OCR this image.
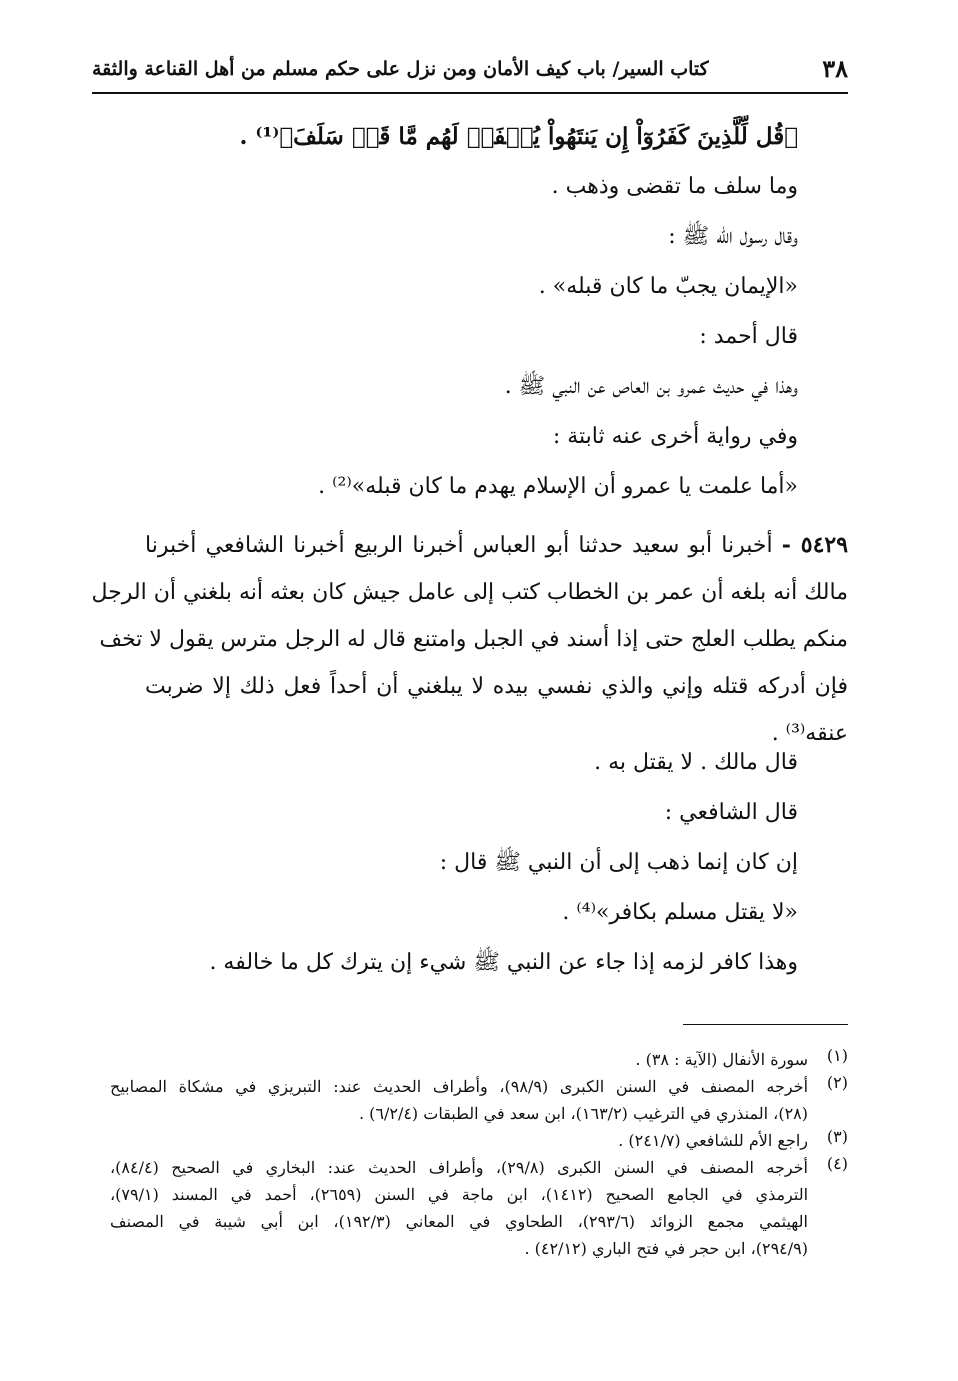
٣٨
كتاب السير/ باب كيف الأمان ومن نزل على حكم مسلم من أهل القناعة والثقة
﴿قُل لِّلَّذِينَ كَفَرُوٓاْ إِن يَنتَهُواْ يُغۡفَرۡ لَهُم مَّا قَدۡ سَلَفَ﴾⁽¹⁾ .
وما سلف ما تقضى وذهب .
وقال رسول الله ﷺ :
«الإيمان يجبّ ما كان قبله» .
قال أحمد :
وهذا في حديث عمرو بن العاص عن النبي ﷺ .
وفي رواية أخرى عنه ثابتة :
«أما علمت يا عمرو أن الإسلام يهدم ما كان قبله»⁽²⁾ .
٥٤٢٩ - أخبرنا أبو سعيد حدثنا أبو العباس أخبرنا الربيع أخبرنا الشافعي أخبرنا
مالك أنه بلغه أن عمر بن الخطاب كتب إلى عامل جيش كان بعثه أنه بلغني أن الرجل
منكم يطلب العلج حتى إذا أسند في الجبل وامتنع قال له الرجل مترس يقول لا تخف
فإن أدركه قتله وإني والذي نفسي بيده لا يبلغني أن أحداً فعل ذلك إلا ضربت
عنقه⁽³⁾ .
قال مالك . لا يقتل به .
قال الشافعي :
إن كان إنما ذهب إلى أن النبي ﷺ قال :
«لا يقتل مسلم بكافر»⁽⁴⁾ .
وهذا كافر لزمه إذا جاء عن النبي ﷺ شيء إن يترك كل ما خالفه .
(١)
سورة الأنفال (الآية : ٣٨) .
(٢)
أخرجه المصنف في السنن الكبرى (٩٨/٩)، وأطراف الحديث عند: التبريزي في مشكاة المصابيح
(٢٨)، المنذري في الترغيب (١٦٣/٢)، ابن سعد في الطبقات (٦/٢/٤) .
(٣)
راجع الأم للشافعي (٢٤١/٧) .
(٤)
أخرجه المصنف في السنن الكبرى (٢٩/٨)، وأطراف الحديث عند: البخاري في الصحيح (٨٤/٤)،
الترمذي في الجامع الصحيح (١٤١٢)، ابن ماجة في السنن (٢٦٥٩)، أحمد في المسند (٧٩/١)،
الهيثمي مجمع الزوائد (٢٩٣/٦)، الطحاوي في المعاني (١٩٢/٣)، ابن أبي شيبة في المصنف
(٢٩٤/٩)، ابن حجر في فتح الباري (٤٢/١٢) .
